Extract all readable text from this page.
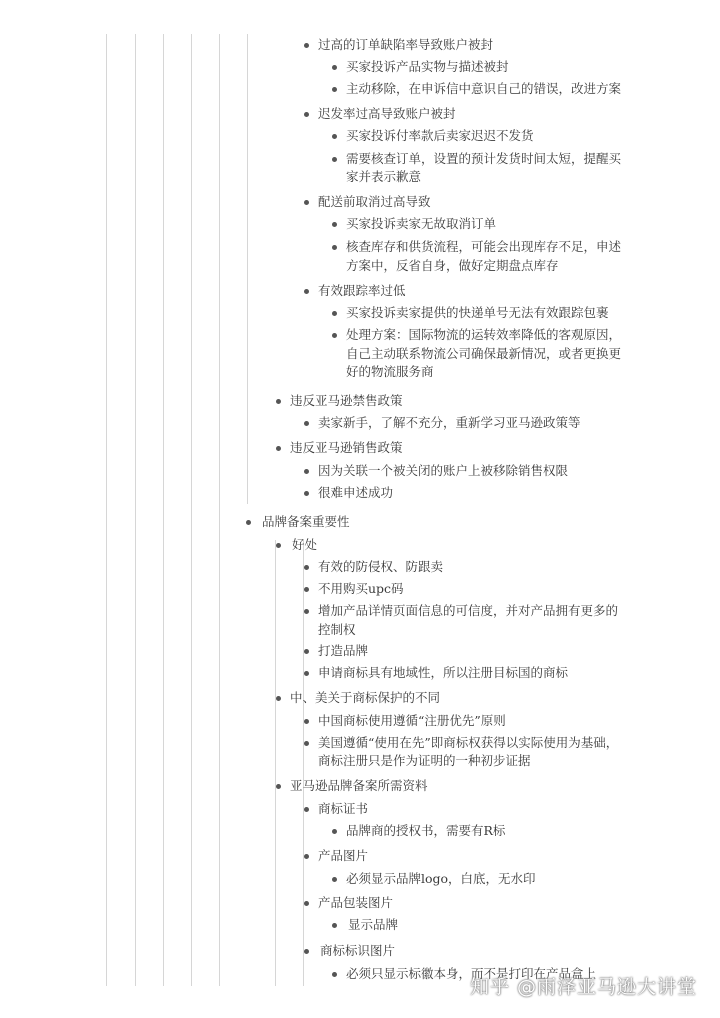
过高的订单缺陷率导致账户被封
买家投诉产品实物与描述被封
主动移除，在申诉信中意识自己的错误，改进方案
迟发率过高导致账户被封
买家投诉付率款后卖家迟迟不发货
需要核查订单，设置的预计发货时间太短，提醒买
家并表示歉意
配送前取消过高导致
买家投诉卖家无故取消订单
核查库存和供货流程，可能会出现库存不足，申述
方案中，反省自身，做好定期盘点库存
有效跟踪率过低
买家投诉卖家提供的快递单号无法有效跟踪包裹
处理方案：国际物流的运转效率降低的客观原因，
自己主动联系物流公司确保最新情况，或者更换更
好的物流服务商
违反亚马逊禁售政策
卖家新手，了解不充分，重新学习亚马逊政策等
违反亚马逊销售政策
因为关联一个被关闭的账户上被移除销售权限
很难申述成功
品牌备案重要性
好处
有效的防侵权、防跟卖
不用购买upc码
增加产品详情页面信息的可信度，并对产品拥有更多的
控制权
打造品牌
申请商标具有地域性，所以注册目标国的商标
中、美关于商标保护的不同
中国商标使用遵循“注册优先”原则
美国遵循“使用在先”即商标权获得以实际使用为基础，
商标注册只是作为证明的一种初步证据
亚马逊品牌备案所需资料
商标证书
品牌商的授权书，需要有R标
产品图片
必须显示品牌logo，白底，无水印
产品包装图片
显示品牌
商标标识图片
必须只显示标徽本身，而不是打印在产品盒上
知乎 @雨泽亚马逊大讲堂
